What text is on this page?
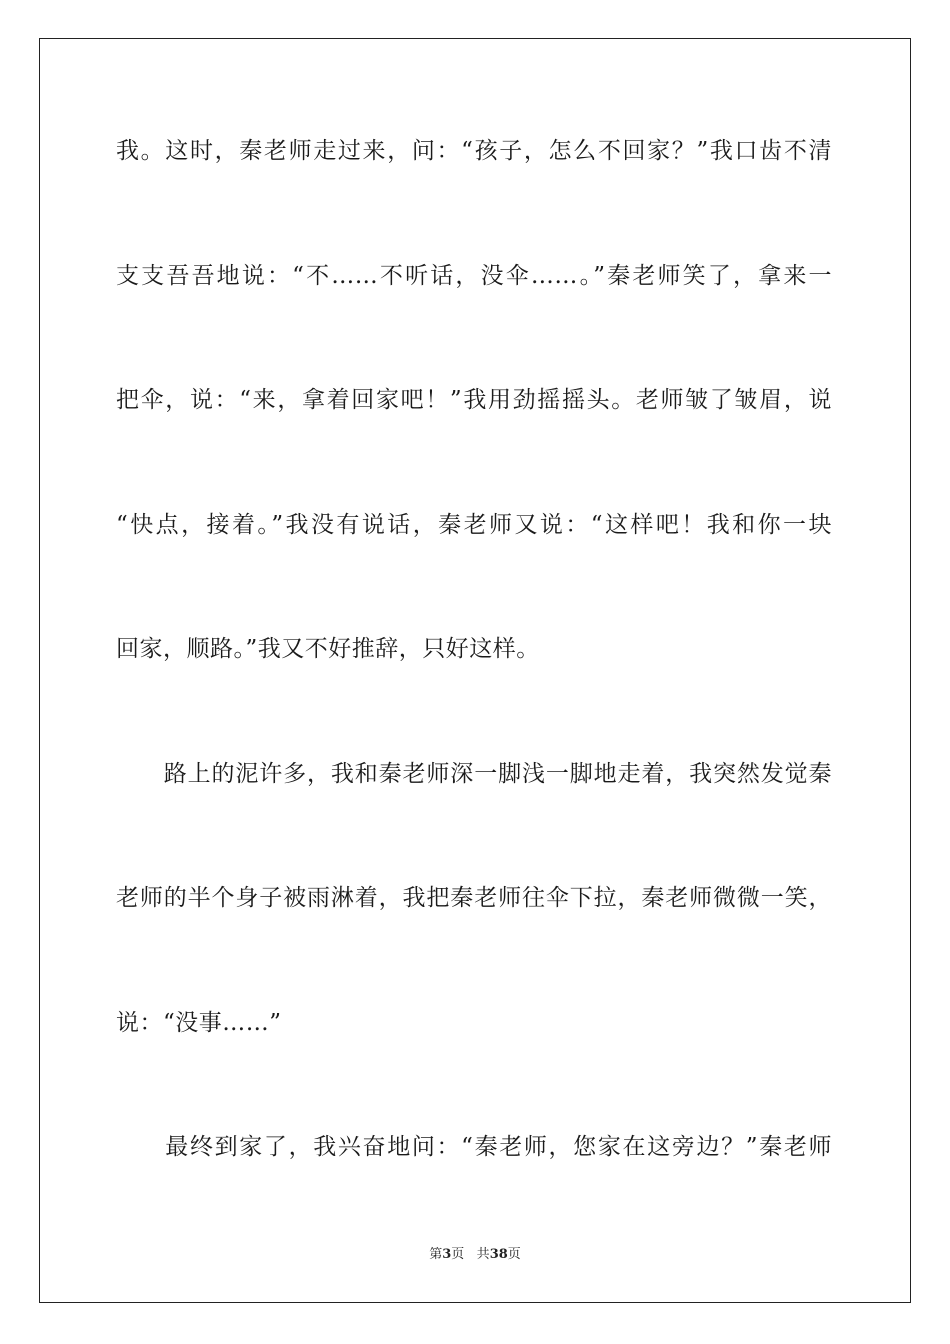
我。这时，秦老师走过来，问：“孩子，怎么不回家？”我口齿不清
支支吾吾地说：“不……不听话，没伞……。”秦老师笑了，拿来一
把伞，说：“来，拿着回家吧！”我用劲摇摇头。老师皱了皱眉，说
“快点，接着。”我没有说话，秦老师又说：“这样吧！我和你一块
回家，顺路。”我又不好推辞，只好这样。
　　路上的泥许多，我和秦老师深一脚浅一脚地走着，我突然发觉秦
老师的半个身子被雨淋着，我把秦老师往伞下拉，秦老师微微一笑，
说：“没事……”
　　最终到家了，我兴奋地问：“秦老师，您家在这旁边？”秦老师
第3页 共38页
